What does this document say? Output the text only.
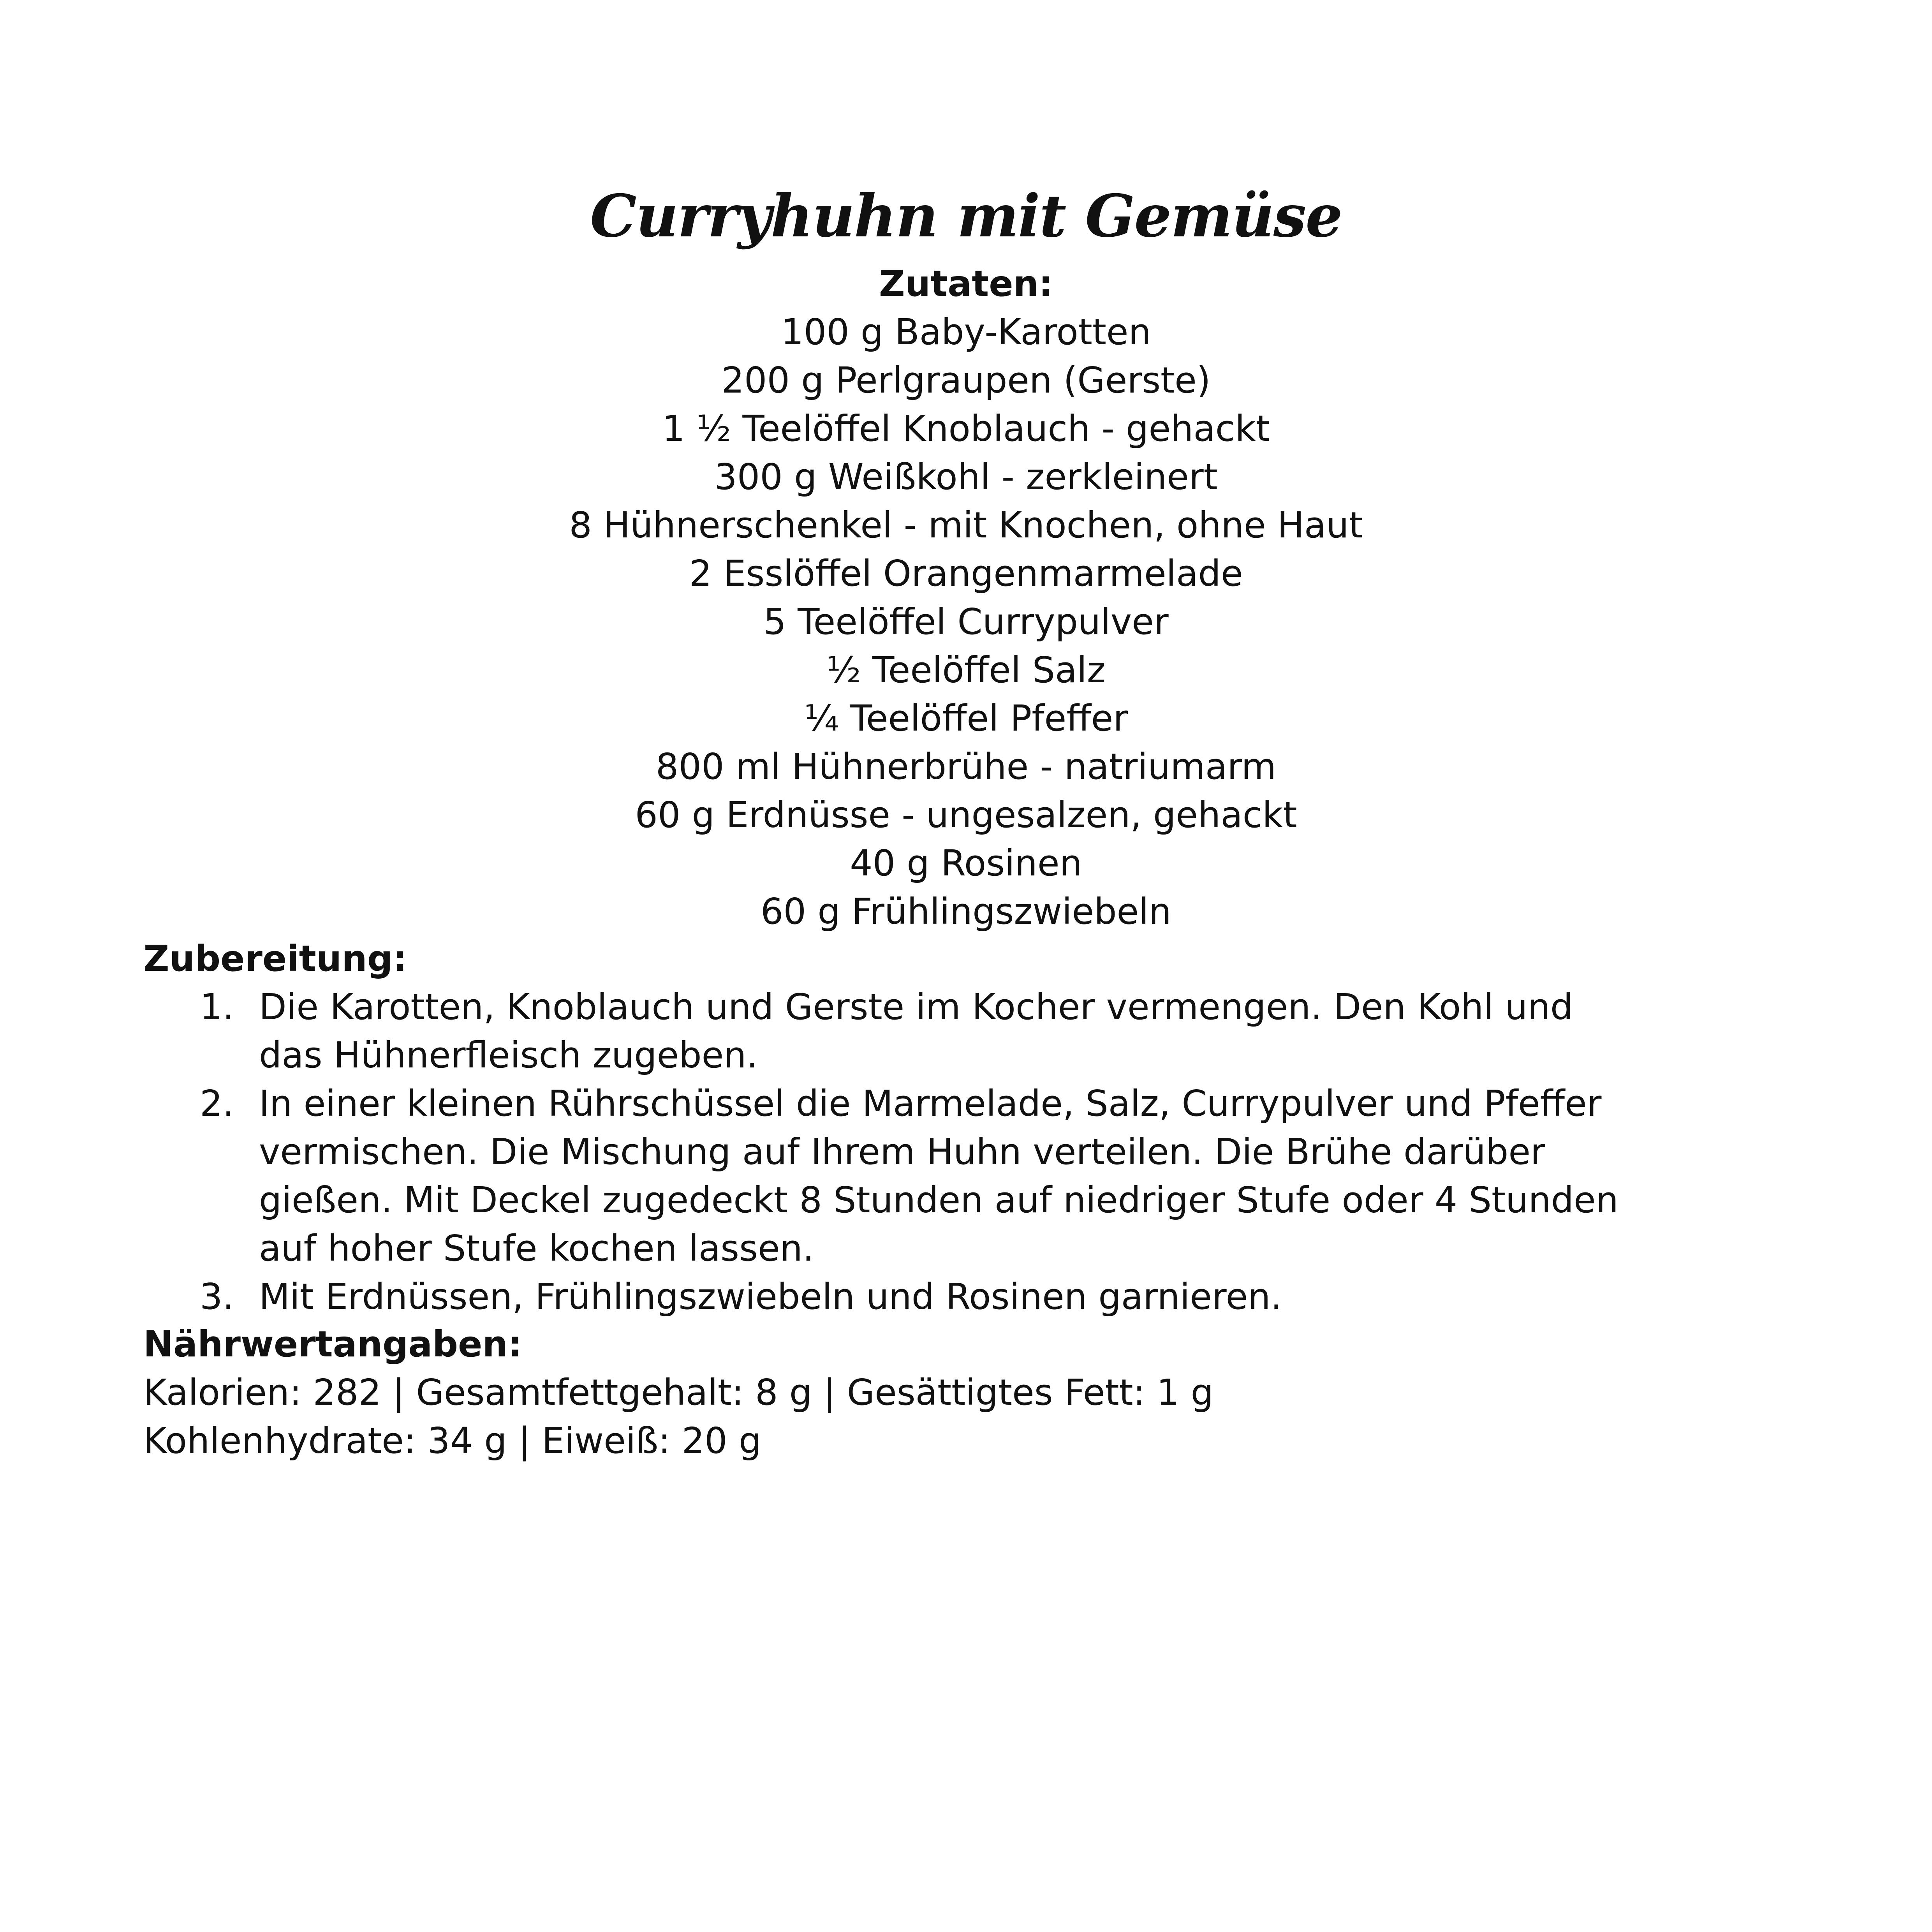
Curryhuhn mit Gemüse
Zutaten:
100 g Baby-Karotten
200 g Perlgraupen (Gerste)
1 ½ Teelöffel Knoblauch - gehackt
300 g Weißkohl - zerkleinert
8 Hühnerschenkel - mit Knochen, ohne Haut
2 Esslöffel Orangenmarmelade
5 Teelöffel Currypulver
½ Teelöffel Salz
¼ Teelöffel Pfeffer
800 ml Hühnerbrühe - natriumarm
60 g Erdnüsse - ungesalzen, gehackt
40 g Rosinen
60 g Frühlingszwiebeln
Zubereitung:
1. Die Karotten, Knoblauch und Gerste im Kocher vermengen. Den Kohl und
das Hühnerfleisch zugeben.
2. In einer kleinen Rührschüssel die Marmelade, Salz, Currypulver und Pfeffer
vermischen. Die Mischung auf Ihrem Huhn verteilen. Die Brühe darüber
gießen. Mit Deckel zugedeckt 8 Stunden auf niedriger Stufe oder 4 Stunden
auf hoher Stufe kochen lassen.
3. Mit Erdnüssen, Frühlingszwiebeln und Rosinen garnieren.
Nährwertangaben:
Kalorien: 282 | Gesamtfettgehalt: 8 g | Gesättigtes Fett: 1 g
Kohlenhydrate: 34 g | Eiweiß: 20 g
